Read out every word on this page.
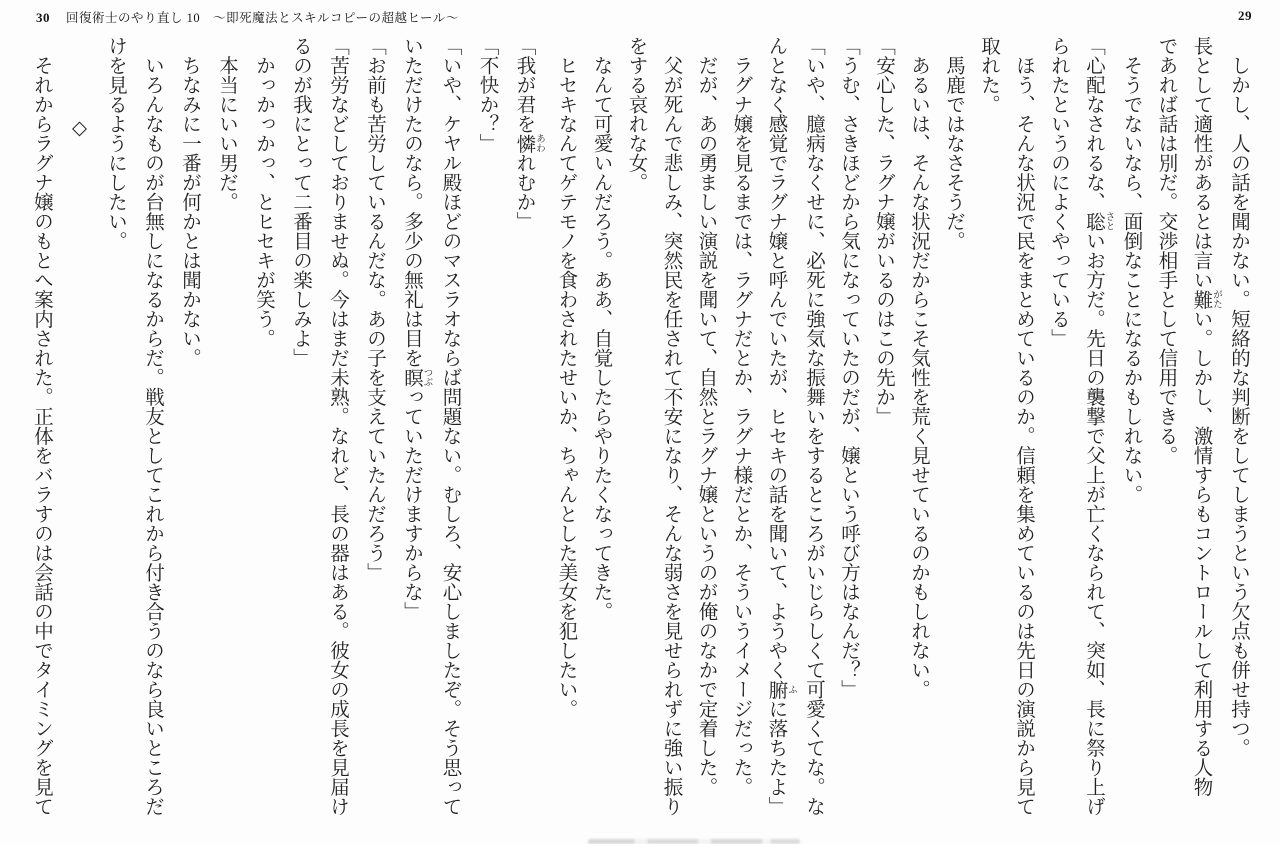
30 回復術士のやり直し 10　～即死魔法とスキルコピーの超越ヒール～	29

「我が君を憐 あわれむか」

「不快か？」

「いや、ケヤル殿ほどのマスラオならば問題ない。むしろ、安心しましたぞ。そう思って

いただけたのなら。多少の無礼は目を瞑 つぶっていただけますからな」

「お前も苦労しているんだな。あの子を支えていたんだろう」

「苦労などしておりませぬ。今はまだ未熟。なれど、長の器はある。彼女の成長を見届け

るのが我にとって二番目の楽しみよ」

　かっかっかっ、とヒセキが笑う。

　本当にいい男だ。

　ちなみに一番が何かとは聞かない。

　いろんなものが台無しになるからだ。戦友としてこれから付き合うのなら良いところだ

けを見るようにしたい。

◇

　それからラグナ嬢のもとへ案内された。正体をバラすのは会話の中でタイミングを見て	　しかし、人の話を聞かない。短絡的な判断をしてしまうという欠点も併せ持つ。

長として適性があるとは言い難 がたい。しかし、激情すらもコントロールして利用する人物

であれば話は別だ。交渉相手として信用できる。

　そうでないなら、面倒なことになるかもしれない。

「心配なされるな、聡 さといお方だ。先日の襲撃で父上が亡くなられて、突如、長に祭り上げ

られたというのによくやっている」

　ほう、そんな状況で民をまとめているのか。信頼を集めているのは先日の演説から見て

取れた。

　馬鹿ではなさそうだ。

　あるいは、そんな状況だからこそ気性を荒く見せているのかもしれない。

「安心した、ラグナ嬢がいるのはこの先か」

「うむ、さきほどから気になっていたのだが、嬢という呼び方はなんだ？」

「いや、臆病なくせに、必死に強気な振舞いをするところがいじらしくて可愛くてな。な

んとなく感覚でラグナ嬢と呼んでいたが、ヒセキの話を聞いて、ようやく腑 ふに落ちたよ」

　ラグナ嬢を見るまでは、ラグナだとか、ラグナ様だとか、そういうイメージだった。

　だが、あの勇ましい演説を聞いて、自然とラグナ嬢というのが俺のなかで定着した。

　父が死んで悲しみ、突然民を任されて不安になり、そんな弱さを見せられずに強い振り

をする哀れな女。

　なんて可愛いんだろう。ああ、自覚したらやりたくなってきた。

　ヒセキなんてゲテモノを食わされたせいか、ちゃんとした美女を犯したい。
